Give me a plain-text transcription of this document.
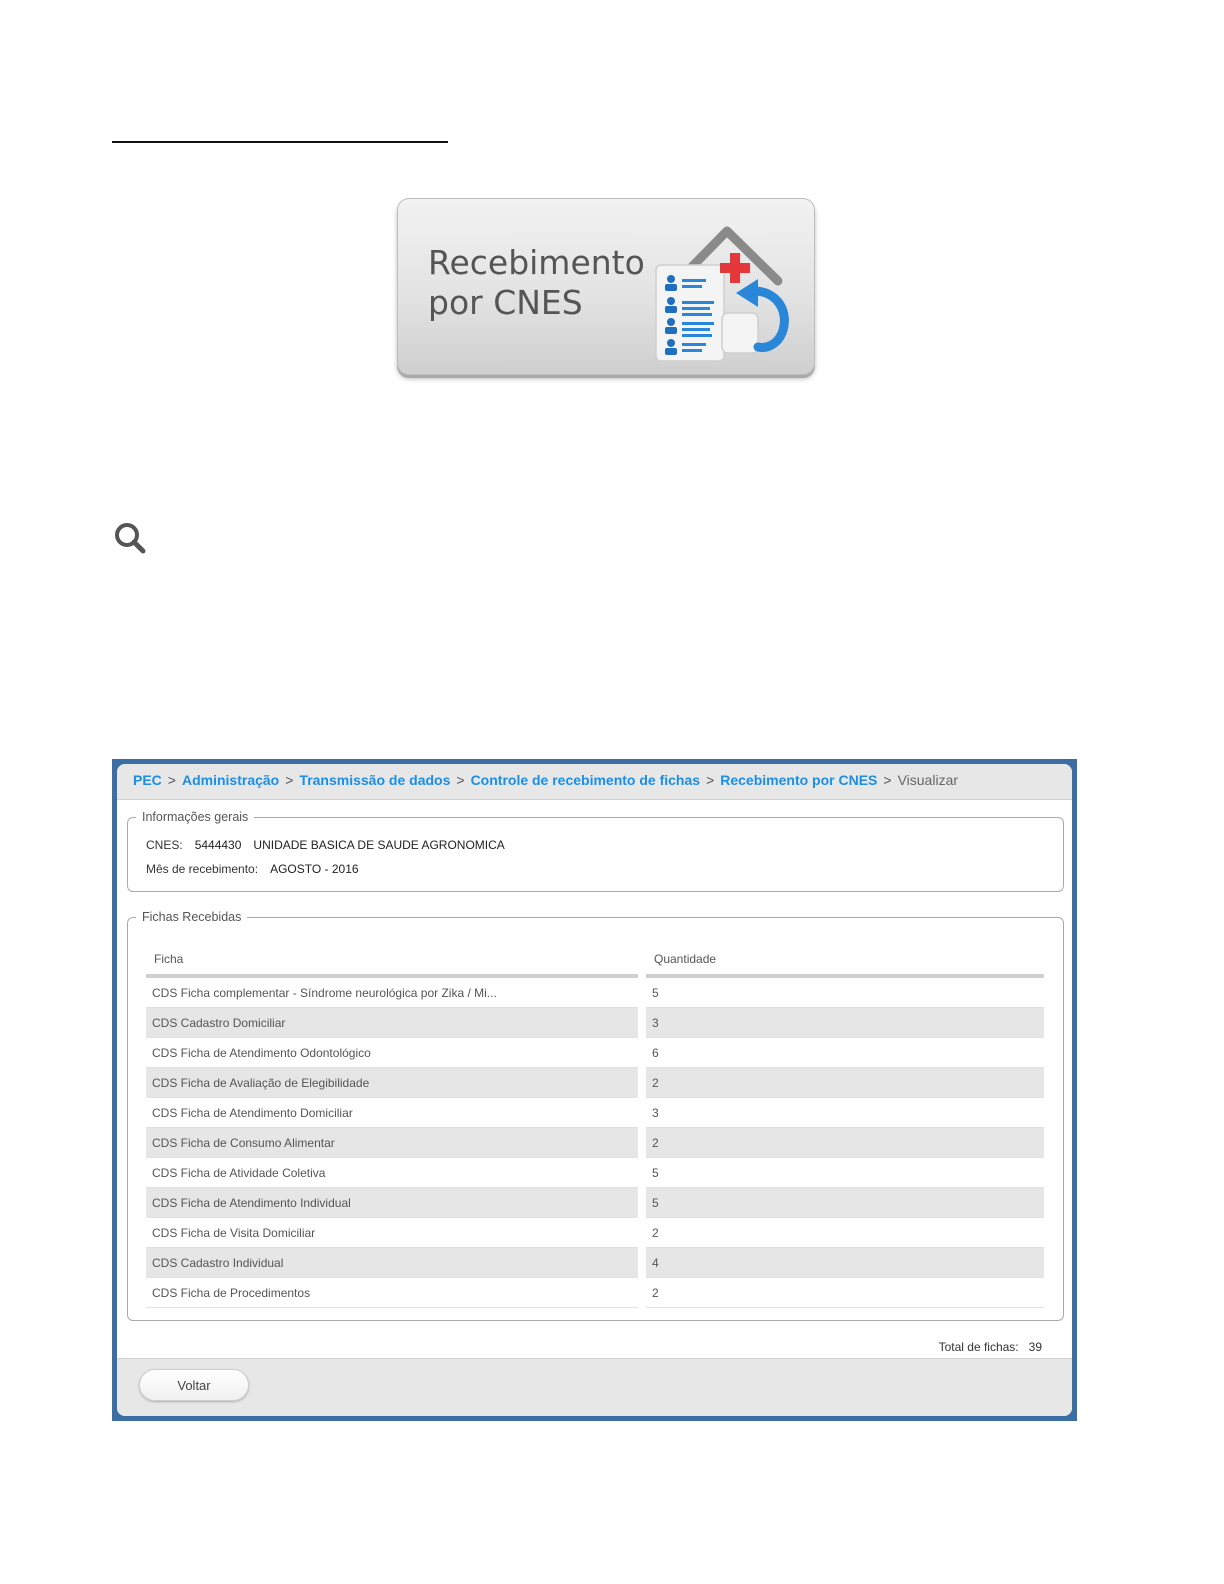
Recebimento
por CNES
PEC > Administração > Transmissão de dados > Controle de recebimento de fichas > Recebimento por CNES > Visualizar
Informações gerais
CNES: 5444430 UNIDADE BASICA DE SAUDE AGRONOMICA
Mês de recebimento: AGOSTO - 2016
Fichas Recebidas
Ficha		Quantidade
CDS Ficha complementar - Síndrome neurológica por Zika / Mi...		5
CDS Cadastro Domiciliar		3
CDS Ficha de Atendimento Odontológico		6
CDS Ficha de Avaliação de Elegibilidade		2
CDS Ficha de Atendimento Domiciliar		3
CDS Ficha de Consumo Alimentar		2
CDS Ficha de Atividade Coletiva		5
CDS Ficha de Atendimento Individual		5
CDS Ficha de Visita Domiciliar		2
CDS Cadastro Individual		4
CDS Ficha de Procedimentos		2
Total de fichas: 39
Voltar
